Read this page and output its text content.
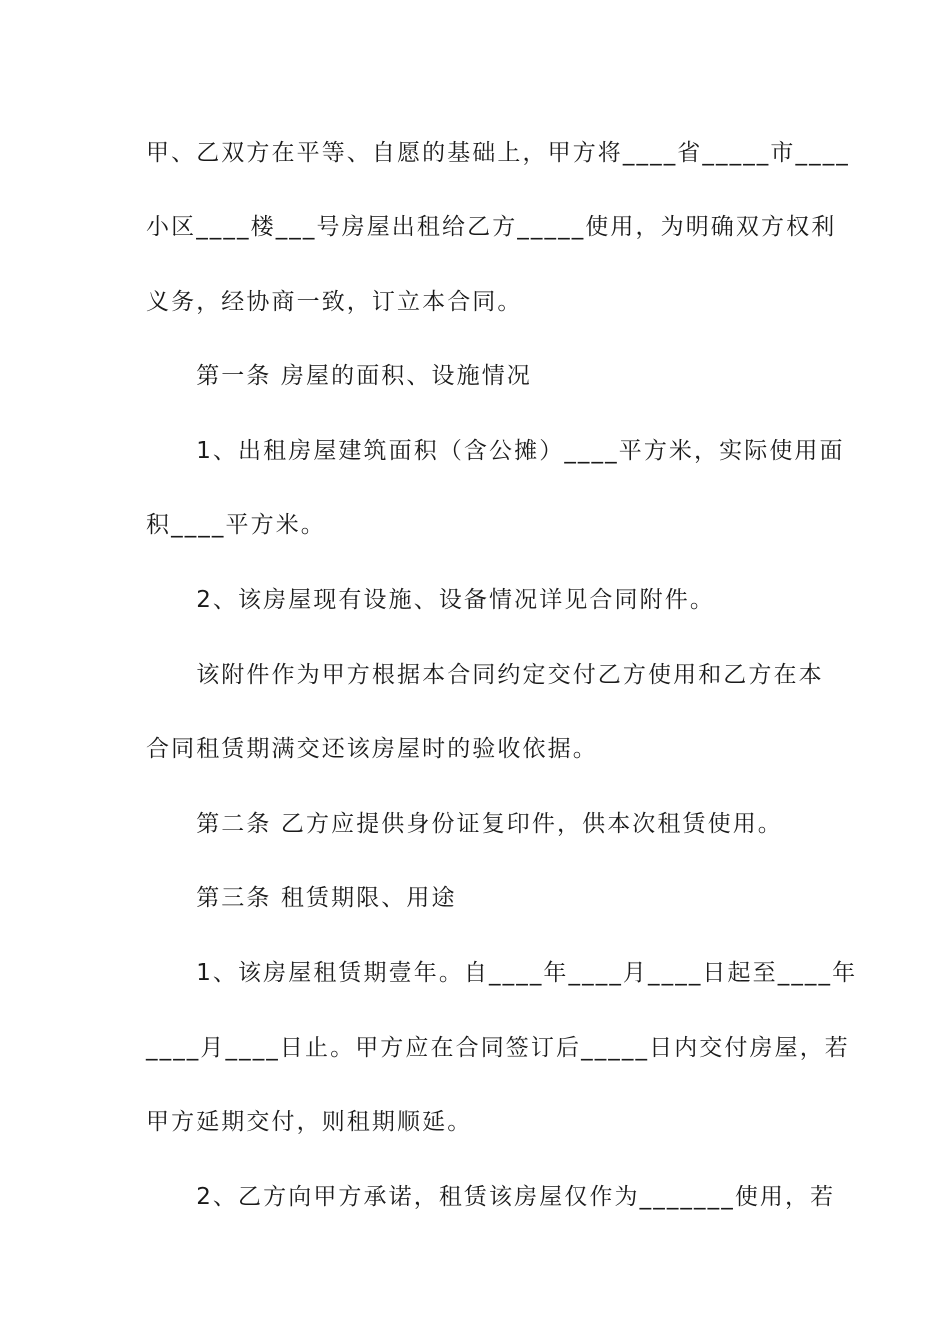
甲、乙双方在平等、自愿的基础上，甲方将____省_____市____
小区____楼___号房屋出租给乙方_____使用，为明确双方权利
义务，经协商一致，订立本合同。
　　第一条 房屋的面积、设施情况
　　1、出租房屋建筑面积（含公摊）____平方米，实际使用面
积____平方米。
　　2、该房屋现有设施、设备情况详见合同附件。
　　该附件作为甲方根据本合同约定交付乙方使用和乙方在本
合同租赁期满交还该房屋时的验收依据。
　　第二条 乙方应提供身份证复印件，供本次租赁使用。
　　第三条 租赁期限、用途
　　1、该房屋租赁期壹年。自____年____月____日起至____年
____月____日止。甲方应在合同签订后_____日内交付房屋，若
甲方延期交付，则租期顺延。
　　2、乙方向甲方承诺，租赁该房屋仅作为_______使用，若
